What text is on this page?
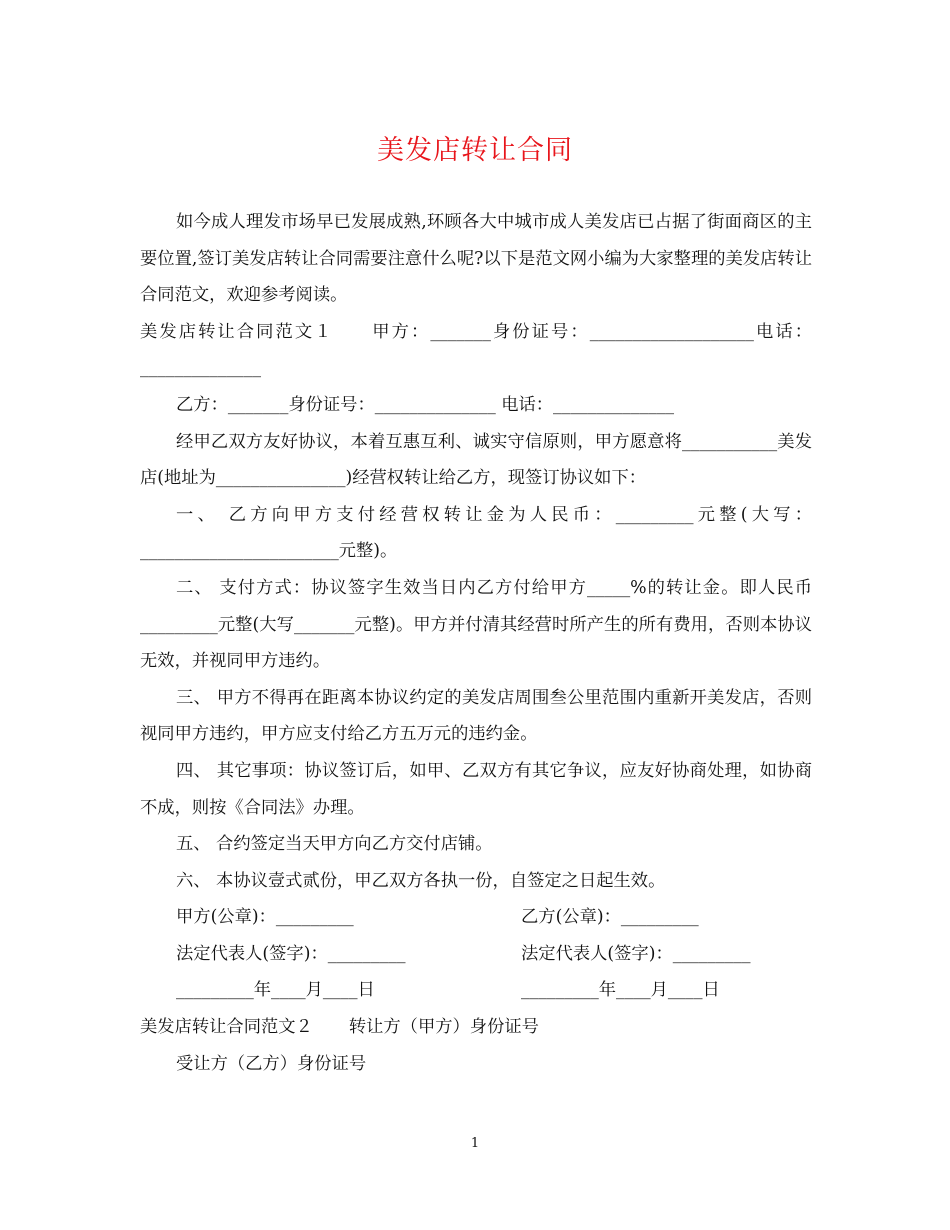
美发店转让合同

如今成人理发市场早已发展成熟,环顾各大中城市成人美发店已占据了街面商区的主要位置,签订美发店转让合同需要注意什么呢?以下是范文网小编为大家整理的美发店转让合同范文，欢迎参考阅读。

美发店转让合同范文１　　甲方：_______身份证号：___________________电话：______________

乙方：_______身份证号：______________ 电话：______________

经甲乙双方友好协议，本着互惠互利、诚实守信原则，甲方愿意将___________美发店(地址为_______________)经营权转让给乙方，现签订协议如下：

一、 乙方向甲方支付经营权转让金为人民币：_________元整(大写：_______________________元整)。

二、 支付方式：协议签字生效当日内乙方付给甲方_____%的转让金。即人民币_________元整(大写_______元整)。甲方并付清其经营时所产生的所有费用，否则本协议无效，并视同甲方违约。

三、 甲方不得再在距离本协议约定的美发店周围叁公里范围内重新开美发店，否则视同甲方违约，甲方应支付给乙方五万元的违约金。

四、 其它事项：协议签订后，如甲、乙双方有其它争议，应友好协商处理，如协商不成，则按《合同法》办理。

五、 合约签定当天甲方向乙方交付店铺。

六、 本协议壹式贰份，甲乙双方各执一份，自签定之日起生效。

甲方(公章)：_________	乙方(公章)：_________
法定代表人(签字)：_________	法定代表人(签字)：_________
_________年____月____日	_________年____月____日

美发店转让合同范文２ 转让方（甲方）身份证号

受让方（乙方）身份证号

1
